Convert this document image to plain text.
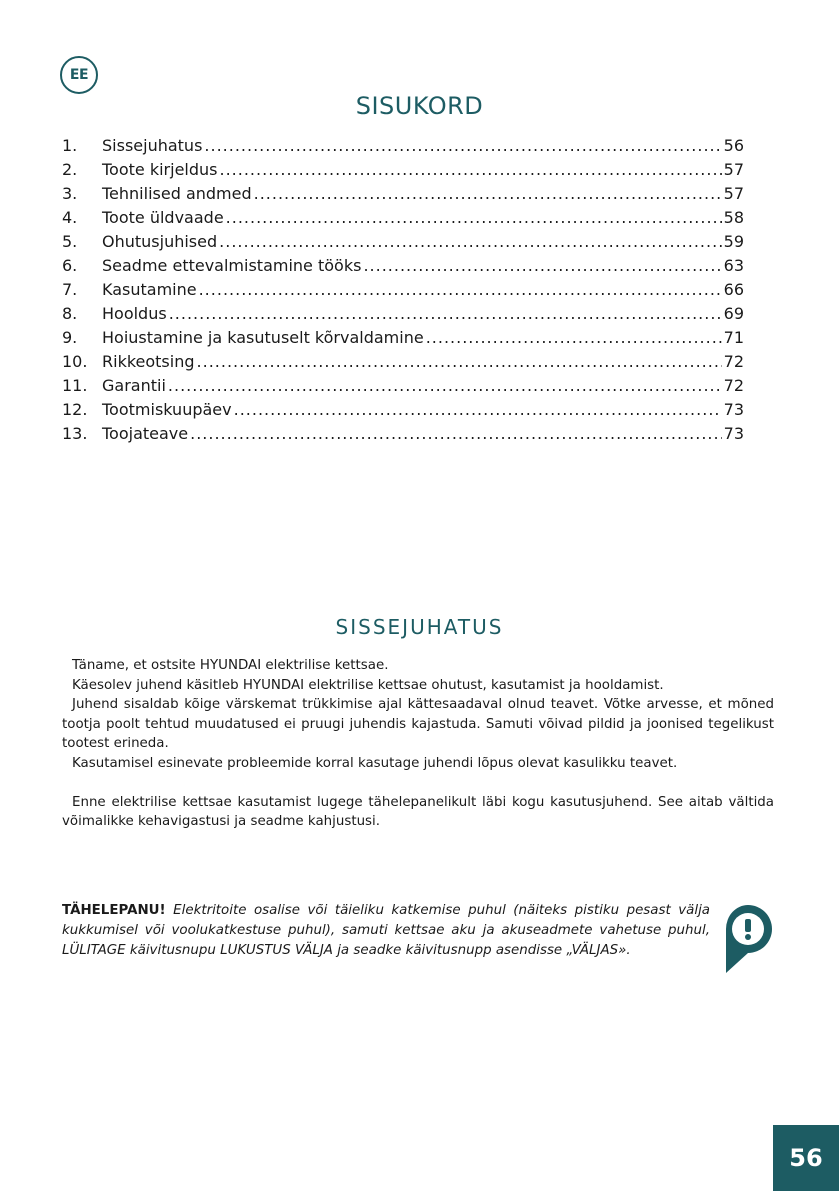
EE
SISUKORD
1.	Sissejuhatus .....	56
2.	Toote kirjeldus .....	57
3.	Tehnilised andmed .....	57
4.	Toote üldvaade .....	58
5.	Ohutusjuhised .....	59
6.	Seadme ettevalmistamine tööks .....	63
7.	Kasutamine .....	66
8.	Hooldus .....	69
9.	Hoiustamine ja kasutuselt kõrvaldamine .....	71
10. Rikkeotsing .....	72
11. Garantii .....	72
12. Tootmiskuupäev .....	73
13. Toojateave .....	73
SISSEJUHATUS

Täname, et ostsite HYUNDAI elektrilise kettsae.

Käesolev juhend käsitleb HYUNDAI elektrilise kettsae ohutust, kasutamist ja hooldamist.

Juhend sisaldab kõige värskemat trükkimise ajal kättesaadaval olnud teavet. Võtke arvesse, et mõned tootja poolt tehtud muudatused ei pruugi juhendis kajastuda. Samuti võivad pildid ja joonised tegelikust tootest erineda.

Kasutamisel esinevate probleemide korral kasutage juhendi lõpus olevat kasulikku teavet.

Enne elektrilise kettsae kasutamist lugege tähelepanelikult läbi kogu kasutusjuhend. See aitab vältida võimalikke kehavigastusi ja seadme kahjustusi.

TÄHELEPANU! Elektritoite osalise või täieliku katkemise puhul (näiteks pistiku pesast välja kukkumisel või voolukatkestuse puhul), samuti kettsae aku ja akuseadmete vahetuse puhul, LÜLITAGE käivitusnupu LUKUSTUS VÄLJA ja seadke käivitusnupp asendisse „VÄLJAS».
56
